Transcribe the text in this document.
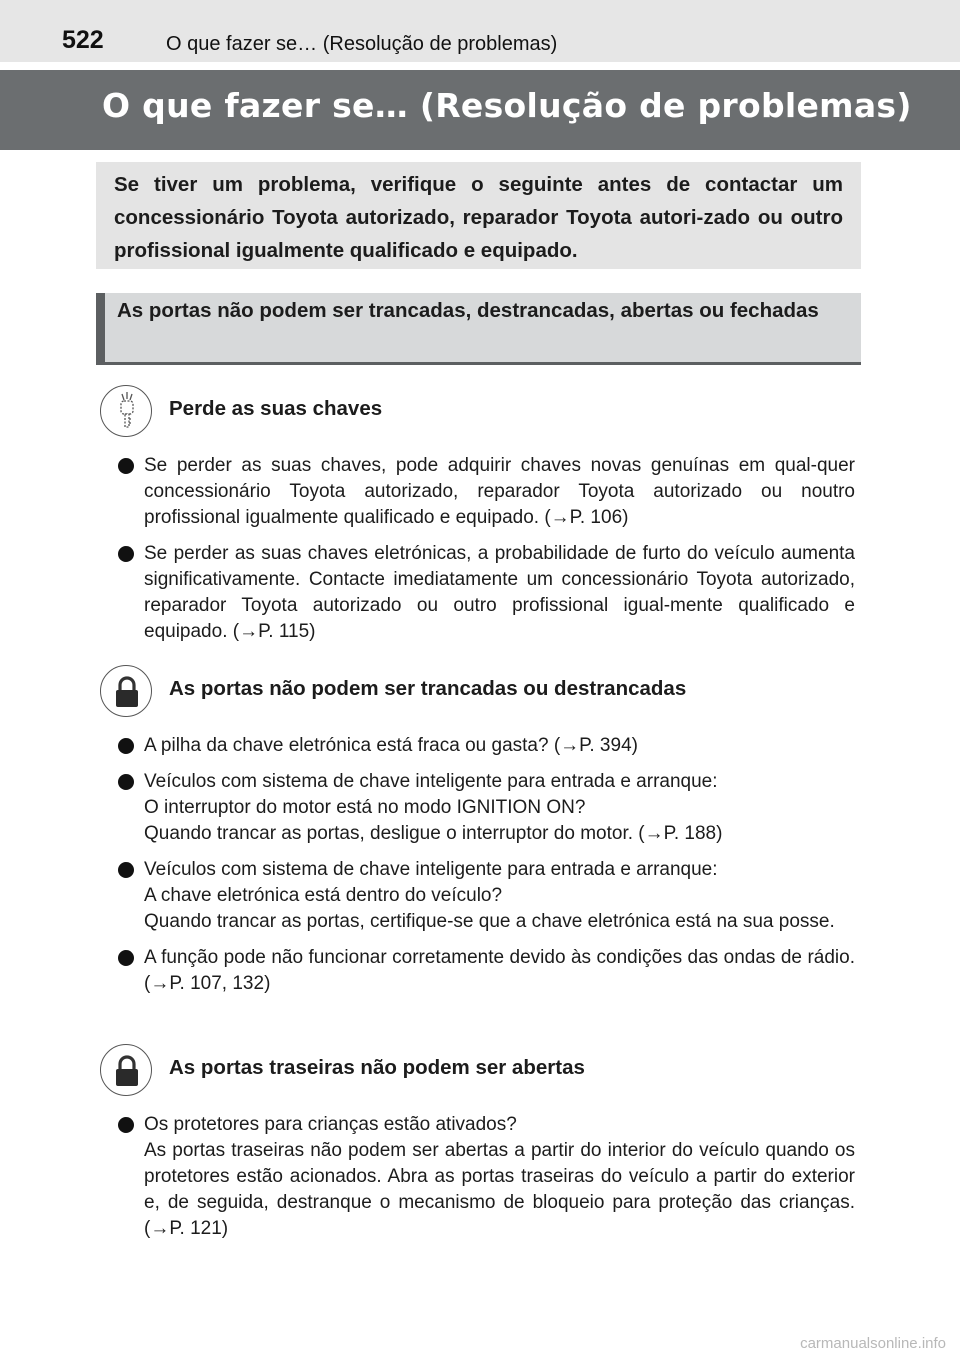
522	O que fazer se… (Resolução de problemas)
O que fazer se… (Resolução de problemas)
Se tiver um problema, verifique o seguinte antes de contactar um concessionário Toyota autorizado, reparador Toyota autori-zado ou outro profissional igualmente qualificado e equipado.
As portas não podem ser trancadas, destrancadas, abertas ou fechadas
Perde as suas chaves

Se perder as suas chaves, pode adquirir chaves novas genuínas em qual-quer concessionário Toyota autorizado, reparador Toyota autorizado ou noutro profissional igualmente qualificado e equipado. (→P. 106)

Se perder as suas chaves eletrónicas, a probabilidade de furto do veículo aumenta significativamente. Contacte imediatamente um concessionário Toyota autorizado, reparador Toyota autorizado ou outro profissional igual-mente qualificado e equipado. (→P. 115)

As portas não podem ser trancadas ou destrancadas

A pilha da chave eletrónica está fraca ou gasta? (→P. 394)

Veículos com sistema de chave inteligente para entrada e arranque:

O interruptor do motor está no modo IGNITION ON?

Quando trancar as portas, desligue o interruptor do motor. (→P. 188)

Veículos com sistema de chave inteligente para entrada e arranque:

A chave eletrónica está dentro do veículo?

Quando trancar as portas, certifique-se que a chave eletrónica está na sua posse.

A função pode não funcionar corretamente devido às condições das ondas de rádio. (→P. 107, 132)

As portas traseiras não podem ser abertas

Os protetores para crianças estão ativados?

As portas traseiras não podem ser abertas a partir do interior do veículo quando os protetores estão acionados. Abra as portas traseiras do veículo a partir do exterior e, de seguida, destranque o mecanismo de bloqueio para proteção das crianças. (→P. 121)

carmanualsonline.info
